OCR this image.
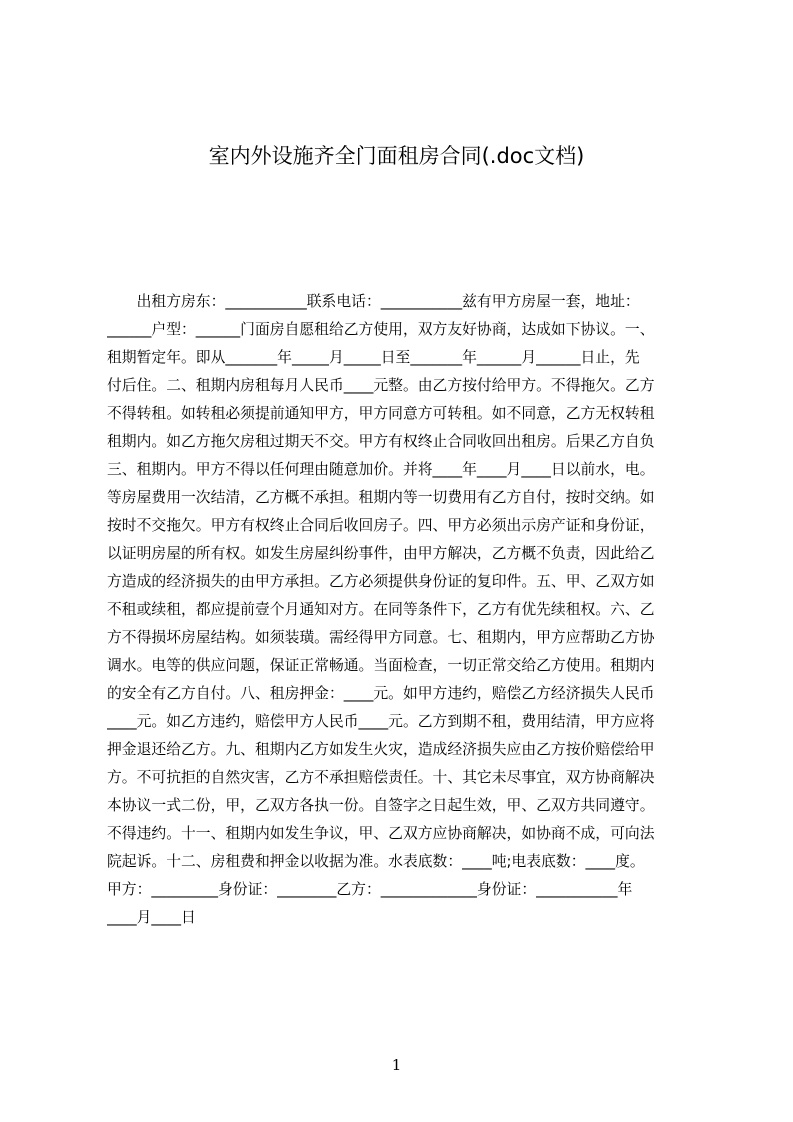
室内外设施齐全门面租房合同(.doc文档)
　　出租方房东：___________联系电话：___________兹有甲方房屋一套，地址：
______户型：______门面房自愿租给乙方使用，双方友好协商，达成如下协议。一、
租期暂定年。即从_______年_____月_____日至_______年______月______日止，先
付后住。二、租期内房租每月人民币____元整。由乙方按付给甲方。不得拖欠。乙方
不得转租。如转租必须提前通知甲方，甲方同意方可转租。如不同意，乙方无权转租
租期内。如乙方拖欠房租过期天不交。甲方有权终止合同收回出租房。后果乙方自负
三、租期内。甲方不得以任何理由随意加价。并将____年____月____日以前水，电。
等房屋费用一次结清，乙方概不承担。租期内等一切费用有乙方自付，按时交纳。如
按时不交拖欠。甲方有权终止合同后收回房子。四、甲方必须出示房产证和身份证，
以证明房屋的所有权。如发生房屋纠纷事件，由甲方解决，乙方概不负责，因此给乙
方造成的经济损失的由甲方承担。乙方必须提供身份证的复印件。五、甲、乙双方如
不租或续租，都应提前壹个月通知对方。在同等条件下，乙方有优先续租权。六、乙
方不得损坏房屋结构。如须装璜。需经得甲方同意。七、租期内，甲方应帮助乙方协
调水。电等的供应问题，保证正常畅通。当面检查，一切正常交给乙方使用。租期内
的安全有乙方自付。八、租房押金：____元。如甲方违约，赔偿乙方经济损失人民币
____元。如乙方违约，赔偿甲方人民币____元。乙方到期不租，费用结清，甲方应将
押金退还给乙方。九、租期内乙方如发生火灾，造成经济损失应由乙方按价赔偿给甲
方。不可抗拒的自然灾害，乙方不承担赔偿责任。十、其它未尽事宜，双方协商解决
本协议一式二份，甲，乙双方各执一份。自签字之日起生效，甲、乙双方共同遵守。
不得违约。十一、租期内如发生争议，甲、乙双方应协商解决，如协商不成，可向法
院起诉。十二、房租费和押金以收据为准。水表底数：____吨;电表底数：____度。
甲方：_________身份证：________乙方：_____________身份证：___________年
____月____日
1
